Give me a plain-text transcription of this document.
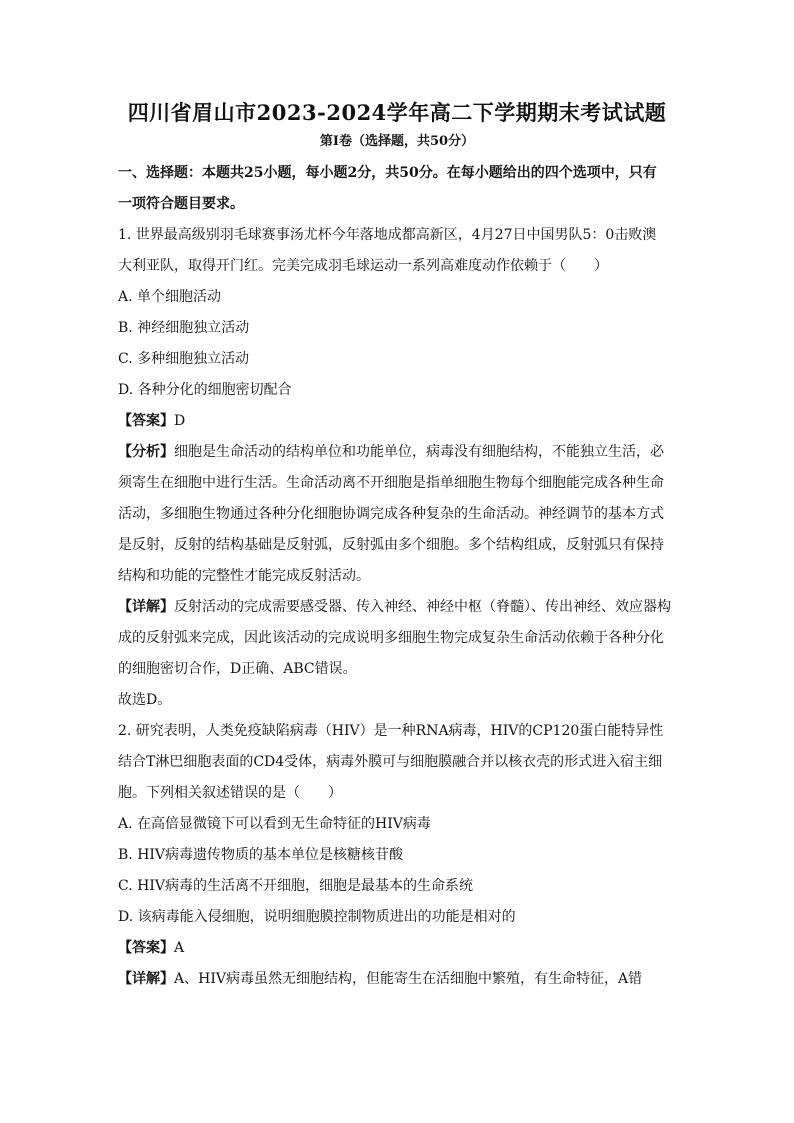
四川省眉山市2023-2024学年高二下学期期末考试试题
第Ⅰ卷（选择题，共50分）

一、选择题：本题共25小题，每小题2分，共50分。在每小题给出的四个选项中，只有

一项符合题目要求。

1. 世界最高级别羽毛球赛事汤尤杯今年落地成都高新区，4月27日中国男队5：0击败澳

大利亚队，取得开门红。完美完成羽毛球运动一系列高难度动作依赖于（　　）

A. 单个细胞活动

B. 神经细胞独立活动

C. 多种细胞独立活动

D. 各种分化的细胞密切配合

【答案】D

【分析】细胞是生命活动的结构单位和功能单位，病毒没有细胞结构，不能独立生活，必

须寄生在细胞中进行生活。生命活动离不开细胞是指单细胞生物每个细胞能完成各种生命

活动，多细胞生物通过各种分化细胞协调完成各种复杂的生命活动。神经调节的基本方式

是反射，反射的结构基础是反射弧，反射弧由多个细胞。多个结构组成，反射弧只有保持

结构和功能的完整性才能完成反射活动。

【详解】反射活动的完成需要感受器、传入神经、神经中枢（脊髓）、传出神经、效应器构

成的反射弧来完成，因此该活动的完成说明多细胞生物完成复杂生命活动依赖于各种分化

的细胞密切合作，D正确、ABC错误。

故选D。

2. 研究表明，人类免疫缺陷病毒（HIV）是一种RNA病毒，HIV的CP120蛋白能特异性

结合T淋巴细胞表面的CD4受体，病毒外膜可与细胞膜融合并以核衣壳的形式进入宿主细

胞。下列相关叙述错误的是（　　）

A. 在高倍显微镜下可以看到无生命特征的HIV病毒

B. HIV病毒遗传物质的基本单位是核糖核苷酸

C. HIV病毒的生活离不开细胞，细胞是最基本的生命系统

D. 该病毒能入侵细胞，说明细胞膜控制物质进出的功能是相对的

【答案】A

【详解】A、HIV病毒虽然无细胞结构，但能寄生在活细胞中繁殖，有生命特征，A错
